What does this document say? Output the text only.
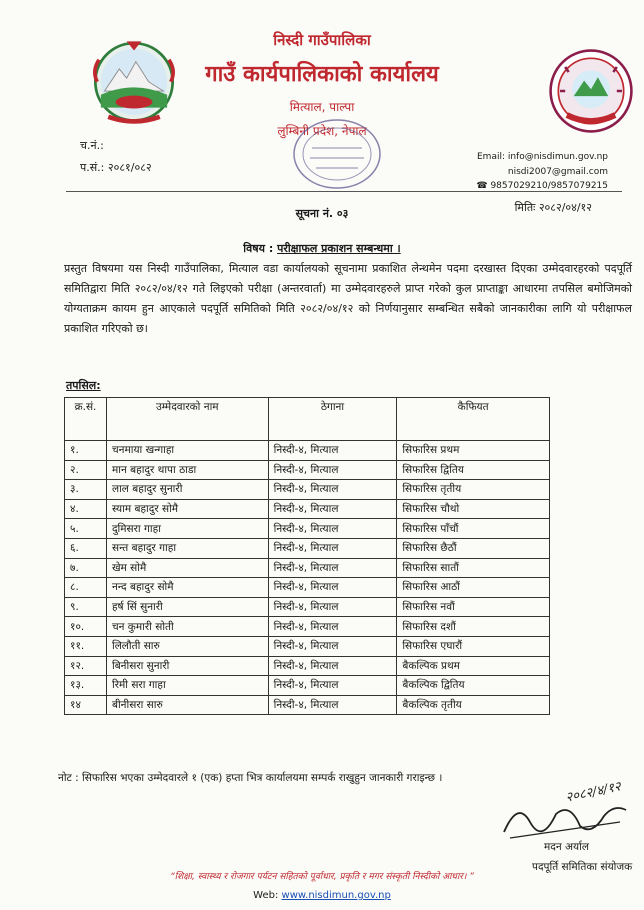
निस्दी गाउँपालिका
गाउँ कार्यपालिकाको कार्यालय
मित्याल, पाल्पा
लुम्बिनी प्रदेश, नेपाल
Email: info@nisdimun.gov.np
nisdi2007@gmail.com
☎ 9857029210/9857079215
च.नं.:
प.सं.: २०८१/०८२
मितिः २०८२/०४/१२
सूचना नं. ०३
विषय : परीक्षाफल प्रकाशन सम्बन्धमा ।
प्रस्तुत विषयमा यस निस्दी गाउँपालिका, मित्याल वडा कार्यालयको सूचनामा प्रकाशित लेन्थमेन पदमा दरखास्त दिएका उम्मेदवारहरको पदपूर्ति समितिद्वारा मिति २०८२/०४/१२ गते लिइएको परीक्षा (अन्तरवार्ता) मा उम्मेदवारहरुले प्राप्त गरेको कुल प्राप्ताङ्का आधारमा तपसिल बमोजिमको योग्यताक्रम कायम हुन आएकाले पदपूर्ति समितिको मिति २०८२/०४/१२ को निर्णयानुसार सम्बन्धित सबैको जानकारीका लागि यो परीक्षाफल प्रकाशित गरिएको छ।
तपसिल:
क्र.सं.	उम्मेदवारको नाम	ठेगाना	कैफियत
१.	चनमाया खन्गाहा	निस्दी-४, मित्याल	सिफारिस प्रथम
२.	मान बहादुर थापा ठाडा	निस्दी-४, मित्याल	सिफारिस द्वितिय
३.	लाल बहादुर सुनारी	निस्दी-४, मित्याल	सिफारिस तृतीय
४.	स्याम बहादुर सोमै	निस्दी-४, मित्याल	सिफारिस चौथो
५.	दुमिसरा गाहा	निस्दी-४, मित्याल	सिफारिस पाँचौं
६.	सन्त बहादुर गाहा	निस्दी-४, मित्याल	सिफारिस छैठौं
७.	खेम सोमै	निस्दी-४, मित्याल	सिफारिस सातौं
८.	नन्द बहादुर सोमै	निस्दी-४, मित्याल	सिफारिस आठौं
९.	हर्ष सिं सुनारी	निस्दी-४, मित्याल	सिफारिस नवौं
१०.	चन कुमारी सोती	निस्दी-४, मित्याल	सिफारिस दशौं
११.	लिलौती सारु	निस्दी-४, मित्याल	सिफारिस एघारौं
१२.	बिनीसरा सुनारी	निस्दी-४, मित्याल	बैकल्पिक प्रथम
१३.	रिमी सरा गाहा	निस्दी-४, मित्याल	बैकल्पिक द्वितिय
१४	बीनीसरा सारु	निस्दी-४, मित्याल	बैकल्पिक तृतीय
नोट : सिफारिस भएका उम्मेदवारले १ (एक) हप्ता भित्र कार्यालयमा सम्पर्क राखुहुन जानकारी गराइन्छ ।
२०८२/४/१२
मदन अर्याल
पदपूर्ति समितिका संयोजक
“शिक्षा, स्वास्थ्य र रोजगार पर्यटन सहितको पूर्वाधार, प्रकृति र मगर संस्कृती निस्दीको आधार। ”
Web: www.nisdimun.gov.np
